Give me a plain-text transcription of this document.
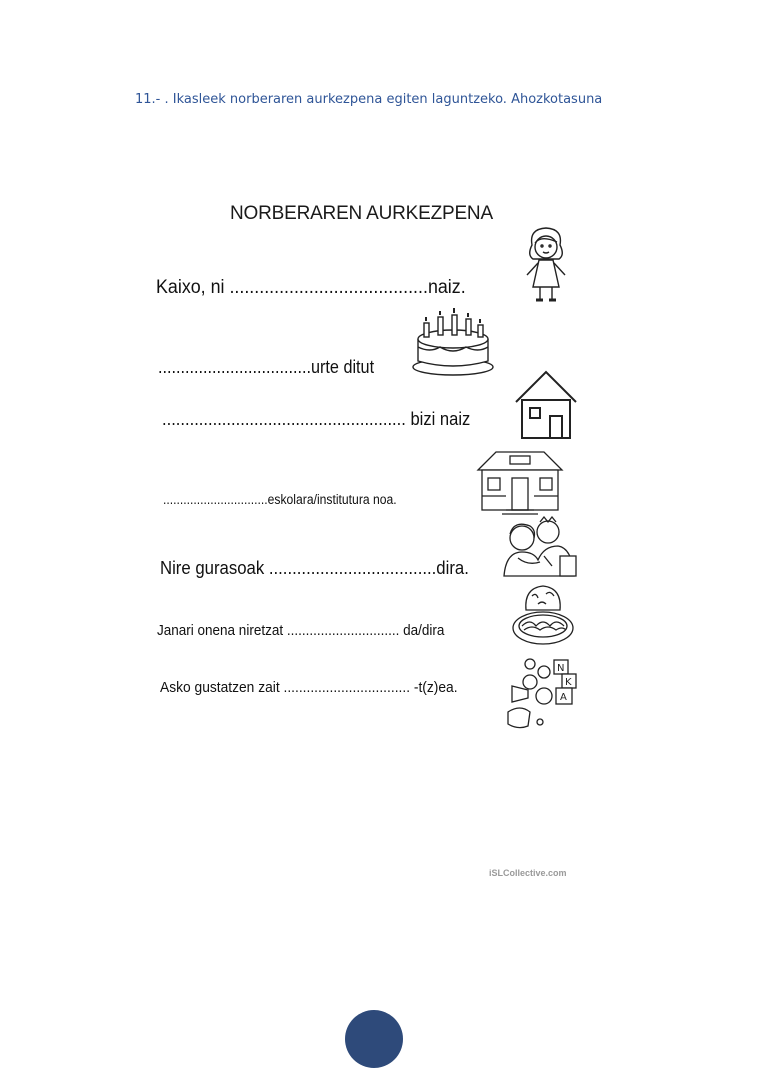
11.- . Ikasleek norberaren aurkezpena egiten laguntzeko. Ahozkotasuna
NORBERAREN AURKEZPENA
Kaixo, ni ........................................naiz.
..................................urte ditut
..................................................... bizi naiz
...............................eskolara/institutura noa.
Nire gurasoak ....................................dira.
Janari onena niretzat .............................. da/dira
Asko gustatzen zait ................................. -t(z)ea.
N
K
A
iSLCollective.com
